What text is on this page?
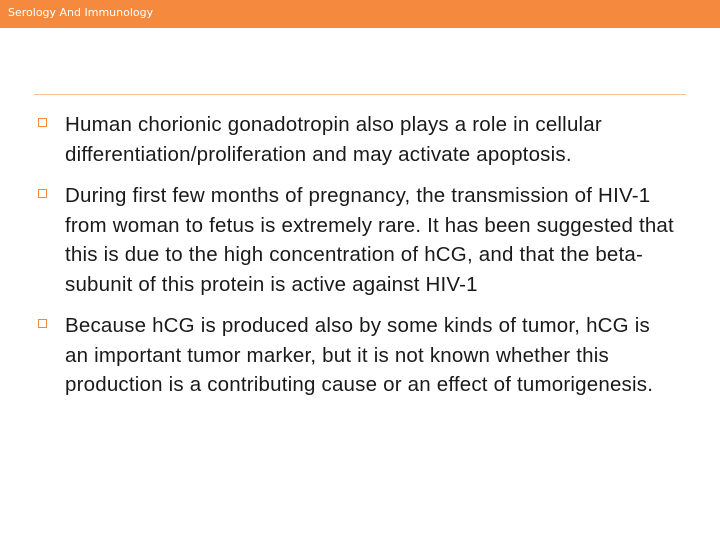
Serology And Immunology
Human chorionic gonadotropin also plays a role in cellular differentiation/proliferation and may activate apoptosis.
During first few months of pregnancy, the transmission of HIV-1 from woman to fetus is extremely rare. It has been suggested that this is due to the high concentration of hCG, and that the beta-subunit of this protein is active against HIV-1
Because hCG is produced also by some kinds of tumor, hCG is an important tumor marker, but it is not known whether this production is a contributing cause or an effect of tumorigenesis.
